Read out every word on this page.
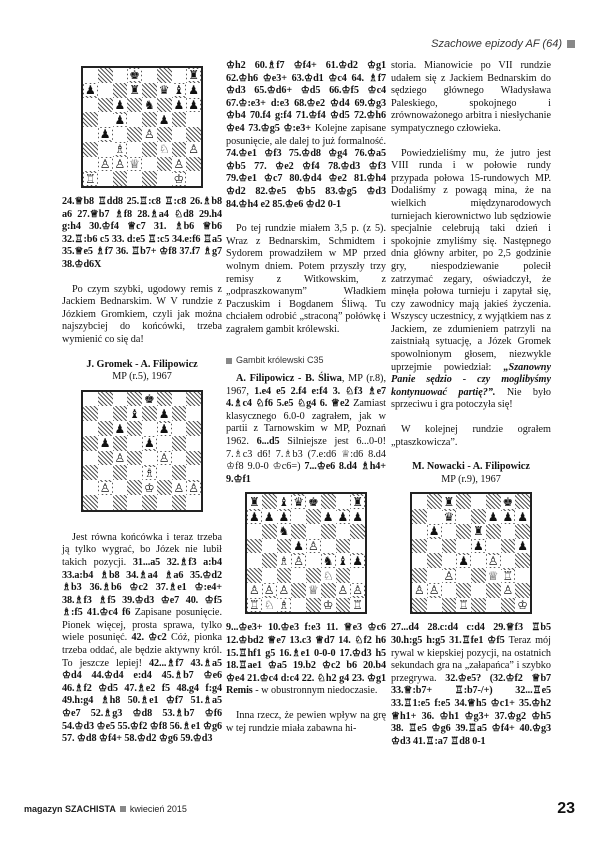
Szachowe epizody AF (64)
♚	♜
♟	♜ ♛ ♝ ♟
♟ ♞ ♟ ♟
♟	♟
♟	♙
♗	♘ ♙
♙ ♙ ♕	♙
♖	♔

24.♕b8 ♖dd8 25.♖:c8 ♖:c8 26.♗b8 a6 27.♕b7 ♗f8 28.♗a4 ♘d8 29.h4 g:h4 30.♔f4 ♕c7 31. ♗b6 ♕b6 32.♖:b6 c5 33. d:e5 ♖:c5 34.e:f6 ♖a5 35.♕e5 ♗f7 36. ♖b7+ ♔f8 37.f7 ♗g7 38.♔d6X

Po czym szybki, ugodowy remis z Jackiem Bednarskim. W V rundzie z Józkiem Gromkiem, czyli jak można najszybciej do końcówki, trzeba wymienić co się da!

J. Gromek - A. Filipowicz

MP (r.5), 1967

♚
♝ ♟
♟	♟
♟	♟
♙	♙
♗
♙	♔ ♙ ♙

Jest równa końcówka i teraz trzeba ją tylko wygrać, bo Józek nie lubił takich pozycji. 31...a5 32.♗f3 a:b4 33.a:b4 ♗b8 34.♗a4 ♗a6 35.♔d2 ♗b3 36.♗b6 ♔c2 37.♗e1 ♔:e4+ 38.♗f3 ♗f5 39.♔d3 ♔e7 40. ♔f5 ♗:f5 41.♔c4 f6 Zapisane posunięcie. Pionek więcej, prosta sprawa, tylko wiele posunięć. 42. ♔c2 Cóż, pionka trzeba oddać, ale będzie aktywny król. To jeszcze lepiej! 42...♗f7 43.♗a5 ♔d4 44.♔d4 e:d4 45.♗b7 ♔e6 46.♗f2 ♔d5 47.♗e2 f5 48.g4 f:g4 49.h:g4 ♗h8 50.♗e1 ♔f7 51.♗a5 ♔e7 52.♗g3 ♔d8 53.♗b7 ♔f6 54.♔d3 ♔e5 55.♔f2 ♔f8 56.♗e1 ♔g6 57. ♔d8 ♔f4+ 58.♔d2 ♔g6 59.♔d3

♔h2 60.♗f7 ♔f4+ 61.♔d2 ♔g1 62.♔h6 ♔e3+ 63.♔d1 ♔c4 64. ♗f7 ♔d3 65.♔d6+ ♔d5 66.♔f5 ♔c4 67.♔:e3+ d:e3 68.♔e2 ♔d4 69.♔g3 ♔b4 70.f4 g:f4 71.♔f4 ♔d5 72.♔h6 ♔e4 73.♔g5 ♔:e3+ Kolejne zapisane posunięcie, ale dalej to już formalność. 74.♔e1 ♔f3 75.♔d8 ♔g4 76.♔a5 ♔b5 77. ♔e2 ♔f4 78.♔d3 ♔f3 79.♔e1 ♔c7 80.♔d4 ♔e2 81.♔h4 ♔d2 82.♔e5 ♔b5 83.♔g5 ♔d3 84.♔h4 e2 85.♔e6 ♔d2 0-1

Po tej rundzie miałem 3,5 p. (z 5). Wraz z Bednarskim, Schmidtem i Sydorem prowadziłem w MP przed wolnym dniem. Potem przyszły trzy remisy z Witkowskim, z „odpraszkowanym” Władkiem Paczuskim i Bogdanem Śliwą. Tu chciałem odrobić „straconą” połówkę i zagrałem gambit królewski.

Gambit królewski C35

A. Filipowicz - B. Śliwa, MP (r.8), 1967, 1.e4 e5 2.f4 e:f4 3. ♘f3 ♗e7 4.♗c4 ♘f6 5.e5 ♘g4 6. ♕e2 Zamiast klasycznego 6.0-0 zagrałem, jak w partii z Tarnowskim w MP, Poznań 1962. 6...d5 Silniejsze jest 6...0-0! 7.♗c3 d6! 7.♗b3 (7.e:d6 ♕:d6 8.d4 ♔f8 9.0-0 ♔c6=) 7...♔e6 8.d4 ♗h4+ 9.♔f1

♜ ♝ ♛ ♚	♜
♟ ♟ ♟	♟ ♟ ♟
♞
♟ ♙
♗ ♙ ♞ ♝ ♟
♘
♙ ♙ ♙ ♕ ♙ ♙
♖ ♘ ♗	♔ ♖

9...♔e3+ 10.♔e3 f:e3 11. ♕e3 ♔c6 12.♔bd2 ♕e7 13.c3 ♕d7 14. ♘f2 h6 15.♖hf1 g5 16.♗e1 0-0-0 17.♔d3 h5 18.♖ae1 ♔a5 19.b2 ♔c2 b6 20.b4 ♔e4 21.♔c4 d:c4 22. ♘h2 g4 23. ♔g1 Remis - w obustronnym niedoczasie.

Inna rzecz, że pewien wpływ na grę w tej rundzie miała zabawna hi-

storia. Mianowicie po VII rundzie udałem się z Jackiem Bednarskim do sędziego głównego Władysława Paleskiego, spokojnego i zrównoważonego arbitra i niesłychanie sympatycznego człowieka.

Powiedzieliśmy mu, że jutro jest VIII runda i w połowie rundy przypada połowa 15-rundowych MP. Dodaliśmy z powagą mina, że na wielkich międzynarodowych turniejach kierownictwo lub sędziowie specjalnie celebrują taki dzień i spokojnie zmyliśmy się. Następnego dnia główny arbiter, po 2,5 godzinie gry, niespodziewanie polecił zatrzymać zegary, oświadczył, że minęła połowa turnieju i zapytał się, czy zawodnicy mają jakieś życzenia. Wszyscy uczestnicy, z wyjątkiem nas z Jackiem, ze zdumieniem patrzyli na zaistniałą sytuację, a Józek Gromek spowolnionym głosem, niezwykle uprzejmie powiedział: „Szanowny Panie sędzio - czy moglibyśmy kontynuować partię?”. Nie było sprzeciwu i gra potoczyła się!

W kolejnej rundzie ograłem „ptaszkowicza”.

M. Nowacki - A. Filipowicz

MP (r.9), 1967

♜	♚
♛	♟ ♟ ♟
♟	♜
♟	♟
♟ ♙
♙	♕ ♖
♙ ♙	♙
♖	♔

27...d4 28.c:d4 c:d4 29.♕f3 ♖b5 30.h:g5 h:g5 31.♖fe1 ♔f5 Teraz mój rywal w kiepskiej pozycji, na ostatnich sekundach gra na „załapańca” i szybko przegrywa. 32.♔e5? (32.♔f2 ♕b7 33.♕:b7+ ♖:b7-/+) 32...♖e5 33.♖1:e5 f:e5 34.♕h5 ♔c1+ 35.♔h2 ♕h1+ 36. ♔h1 ♔g3+ 37.♔g2 ♔h5 38. ♖e5 ♔g6 39.♖a5 ♔f4+ 40.♔g3 ♔d3 41.♖:a7 ♖d8 0-1

magazyn SZACHISTA kwiecień 2015	23
